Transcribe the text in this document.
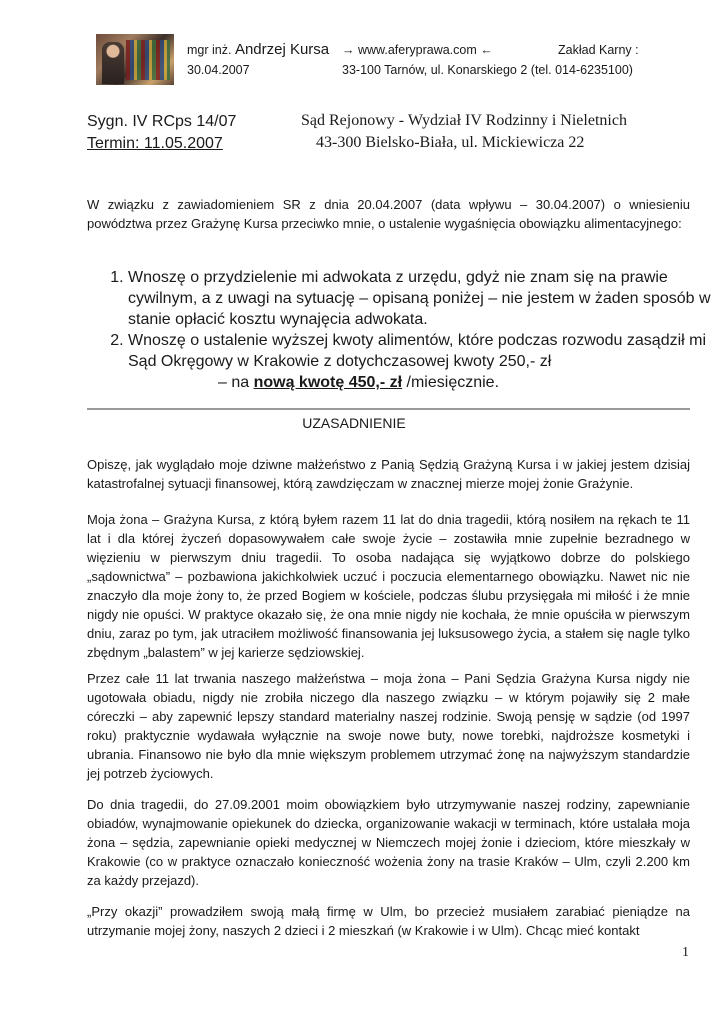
mgr inż. Andrzej Kursa → www.aferyprawa.com ←	Zakład Karny :
30.04.2007	33-100 Tarnów, ul. Konarskiego 2 (tel. 014-6235100)
Sygn. IV RCps 14/07
Termin: 11.05.2007
Sąd Rejonowy - Wydział IV Rodzinny i Nieletnich
43-300 Bielsko-Biała, ul. Mickiewicza 22

W związku z zawiadomieniem SR z dnia 20.04.2007 (data wpływu – 30.04.2007) o wniesieniu powództwa przez Grażynę Kursa przeciwko mnie, o ustalenie wygaśnięcia obowiązku alimentacyjnego:

1. Wnoszę o przydzielenie mi adwokata z urzędu, gdyż nie znam się na prawie cywilnym, a z uwagi na sytuację – opisaną poniżej – nie jestem w żaden sposób w stanie opłacić kosztu wynajęcia adwokata.
2. Wnoszę o ustalenie wyższej kwoty alimentów, które podczas rozwodu zasądził mi Sąd Okręgowy w Krakowie z dotychczasowej kwoty 250,- zł
– na nową kwotę 450,- zł /miesięcznie.
UZASADNIENIE

Opiszę, jak wyglądało moje dziwne małżeństwo z Panią Sędzią Grażyną Kursa i w jakiej jestem dzisiaj katastrofalnej sytuacji finansowej, którą zawdzięczam w znacznej mierze mojej żonie Grażynie.

Moja żona – Grażyna Kursa, z którą byłem razem 11 lat do dnia tragedii, którą nosiłem na rękach te 11 lat i dla której życzeń dopasowywałem całe swoje życie – zostawiła mnie zupełnie bezradnego w więzieniu w pierwszym dniu tragedii. To osoba nadająca się wyjątkowo dobrze do polskiego „sądownictwa” – pozbawiona jakichkolwiek uczuć i poczucia elementarnego obowiązku. Nawet nic nie znaczyło dla moje żony to, że przed Bogiem w kościele, podczas ślubu przysięgała mi miłość i że mnie nigdy nie opuści. W praktyce okazało się, że ona mnie nigdy nie kochała, że mnie opuściła w pierwszym dniu, zaraz po tym, jak utraciłem możliwość finansowania jej luksusowego życia, a stałem się nagle tylko zbędnym „balastem” w jej karierze sędziowskiej.

Przez całe 11 lat trwania naszego małżeństwa – moja żona – Pani Sędzia Grażyna Kursa nigdy nie ugotowała obiadu, nigdy nie zrobiła niczego dla naszego związku – w którym pojawiły się 2 małe córeczki – aby zapewnić lepszy standard materialny naszej rodzinie. Swoją pensję w sądzie (od 1997 roku) praktycznie wydawała wyłącznie na swoje nowe buty, nowe torebki, najdroższe kosmetyki i ubrania. Finansowo nie było dla mnie większym problemem utrzymać żonę na najwyższym standardzie jej potrzeb życiowych.

Do dnia tragedii, do 27.09.2001 moim obowiązkiem było utrzymywanie naszej rodziny, zapewnianie obiadów, wynajmowanie opiekunek do dziecka, organizowanie wakacji w terminach, które ustalała moja żona – sędzia, zapewnianie opieki medycznej w Niemczech mojej żonie i dzieciom, które mieszkały w Krakowie (co w praktyce oznaczało konieczność wożenia żony na trasie Kraków – Ulm, czyli 2.200 km za każdy przejazd).

„Przy okazji” prowadziłem swoją małą firmę w Ulm, bo przecież musiałem zarabiać pieniądze na utrzymanie mojej żony, naszych 2 dzieci i 2 mieszkań (w Krakowie i w Ulm). Chcąc mieć kontakt

1
